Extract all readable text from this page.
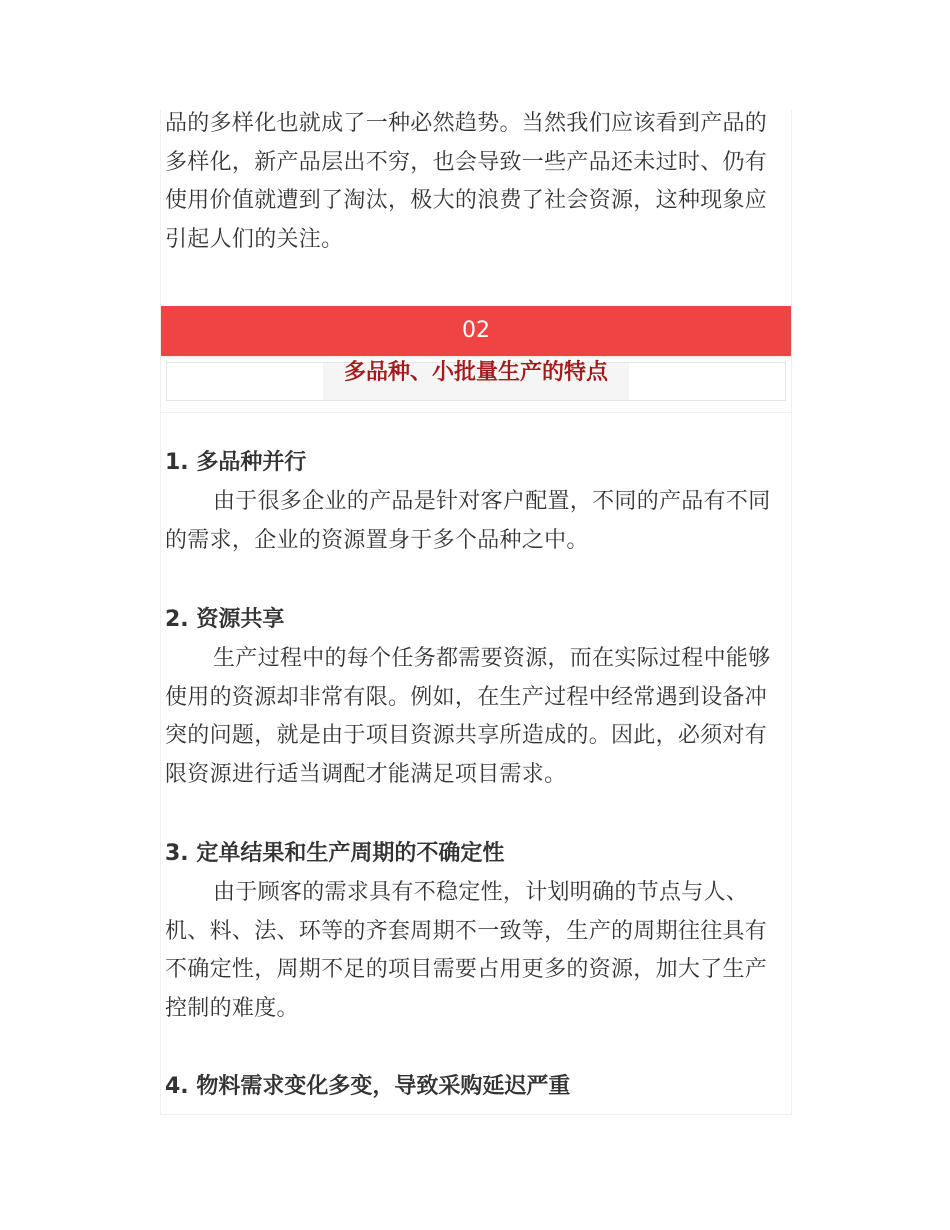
品的多样化也就成了一种必然趋势。当然我们应该看到产品的多样化，新产品层出不穷，也会导致一些产品还未过时、仍有使用价值就遭到了淘汰，极大的浪费了社会资源，这种现象应引起人们的关注。

02
多品种、小批量生产的特点
1. 多品种并行

由于很多企业的产品是针对客户配置，不同的产品有不同的需求，企业的资源置身于多个品种之中。

2. 资源共享

生产过程中的每个任务都需要资源，而在实际过程中能够使用的资源却非常有限。例如，在生产过程中经常遇到设备冲突的问题，就是由于项目资源共享所造成的。因此，必须对有限资源进行适当调配才能满足项目需求。

3. 定单结果和生产周期的不确定性

由于顾客的需求具有不稳定性，计划明确的节点与人、机、料、法、环等的齐套周期不一致等，生产的周期往往具有不确定性，周期不足的项目需要占用更多的资源，加大了生产控制的难度。

4. 物料需求变化多变，导致采购延迟严重
